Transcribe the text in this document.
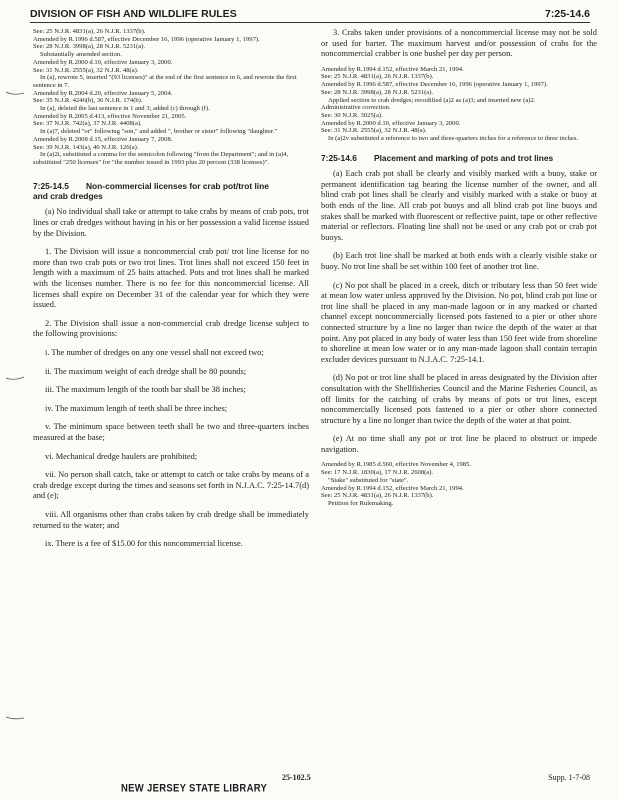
DIVISION OF FISH AND WILDLIFE RULES	7:25-14.6

See: 25 N.J.R. 4831(a), 26 N.J.R. 1337(b).

Amended by R.1996 d.587, effective December 16, 1996 (operative January 1, 1997).

See: 28 N.J.R. 3998(a), 28 N.J.R. 5231(a).

Substantially amended section.

Amended by R.2000 d.10, effective January 3, 2000.

See: 31 N.J.R. 2555(a), 32 N.J.R. 48(a).

In (a), rewrote 5, inserted "(93 licenses)" at the end of the first sentence in 6, and rewrote the first sentence in 7.

Amended by R.2004 d.20, effective January 5, 2004.

See: 35 N.J.R. 4246(b), 36 N.J.R. 174(b).

In (a), deleted the last sentence in 1 and 3; added (c) through (f).

Amended by R.2005 d.413, effective November 21, 2005.

See: 37 N.J.R. 742(a), 37 N.J.R. 4408(a).

In (a)7, deleted "or" following "son," and added ", brother or sister" following "daughter."

Amended by R.2008 d.15, effective January 7, 2008.

See: 39 N.J.R. 143(a), 40 N.J.R. 126(a).

In (a)2i, substituted a comma for the semicolon following "from the Department"; and in (a)4, substituted "250 licenses" for "the number issued in 1993 plus 20 percent (338 licenses)".

7:25-14.5	Non-commercial licenses for crab pot/trot line

and crab dredges

(a) No individual shall take or attempt to take crabs by means of crab pots, trot lines or crab dredges without having in his or her possession a valid license issued by the Division.

1. The Division will issue a noncommercial crab pot/ trot line license for no more than two crab pots or two trot lines. Trot lines shall not exceed 150 feet in length with a maximum of 25 baits attached. Pots and trot lines shall be marked with the licenses number. There is no fee for this noncommercial license. All licenses shall expire on December 31 of the calendar year for which they were issued.

2. The Division shall issue a non-commercial crab dredge license subject to the following provisions:

i. The number of dredges on any one vessel shall not exceed two;

ii. The maximum weight of each dredge shall be 80 pounds;

iii. The maximum length of the tooth bar shall be 38 inches;

iv. The maximum length of teeth shall be three inches;

v. The minimum space between teeth shall be two and three-quarters inches measured at the base;

vi. Mechanical dredge haulers are prohibited;

vii. No person shall catch, take or attempt to catch or take crabs by means of a crab dredge except during the times and seasons set forth in N.J.A.C. 7:25-14.7(d) and (e);

viii. All organisms other than crabs taken by crab dredge shall be immediately returned to the water; and

ix. There is a fee of $15.00 for this noncommercial license.

3. Crabs taken under provisions of a noncommercial license may not be sold or used for barter. The maximum harvest and/or possession of crabs for the noncommercial crabber is one bushel per day per person.

Amended by R.1994 d.152, effective March 21, 1994.

See: 25 N.J.R. 4831(a), 26 N.J.R. 1337(b).

Amended by R.1996 d.587, effective December 16, 1996 (operative January 1, 1997).

See: 28 N.J.R. 3998(a), 28 N.J.R. 5231(a).

Applied section to crab dredges; recodified (a)2 as (a)3; and inserted new (a)2.

Administrative correction.

See: 30 N.J.R. 3025(a).

Amended by R.2000 d.10, effective January 3, 2000.

See: 31 N.J.R. 2555(a), 32 N.J.R. 48(a).

In (a)2v substituted a reference to two and three-quarters inches for a reference to three inches.

7:25-14.6	Placement and marking of pots and trot lines

(a) Each crab pot shall be clearly and visibly marked with a buoy, stake or permanent identification tag bearing the license number of the owner, and all blind crab pot lines shall be clearly and visibly marked with a stake or buoy at both ends of the line. All crab pot buoys and all blind crab pot line buoys and stakes shall be marked with fluorescent or reflective paint, tape or other reflective material or reflectors. Floating line shall not be used or any crab pot or crab pot buoys.

(b) Each trot line shall be marked at both ends with a clearly visible stake or buoy. No trot line shall be set within 100 feet of another trot line.

(c) No pot shall be placed in a creek, ditch or tributary less than 50 feet wide at mean low water unless approved by the Division. No pot, blind crab pot line or trot line shall be placed in any man-made lagoon or in any marked or charted channel except noncommercially licensed pots fastened to a pier or other shore connected structure by a line no larger than twice the depth of the water at that point. Any pot placed in any body of water less than 150 feet wide from shoreline to shoreline at mean low water or in any man-made lagoon shall contain terrapin excluder devices pursuant to N.J.A.C. 7:25-14.1.

(d) No pot or trot line shall be placed in areas designated by the Division after consultation with the Shellfisheries Council and the Marine Fisheries Council, as off limits for the catching of crabs by means of pots or trot lines, except noncommercially licensed pots fastened to a pier or other shore connected structure by a line no longer than twice the depth of the water at that point.

(e) At no time shall any pot or trot line be placed to obstruct or impede navigation.

Amended by R.1985 d.560, effective November 4, 1985.

See: 17 N.J.R. 1830(a), 17 N.J.R. 2608(a).

"Stake" substituted for "state".

Amended by R.1994 d.152, effective March 21, 1994.

See: 25 N.J.R. 4831(a), 26 N.J.R. 1337(b).

Petition for Rulemaking.

25-102.5	Supp. 1-7-08
NEW JERSEY STATE LIBRARY
